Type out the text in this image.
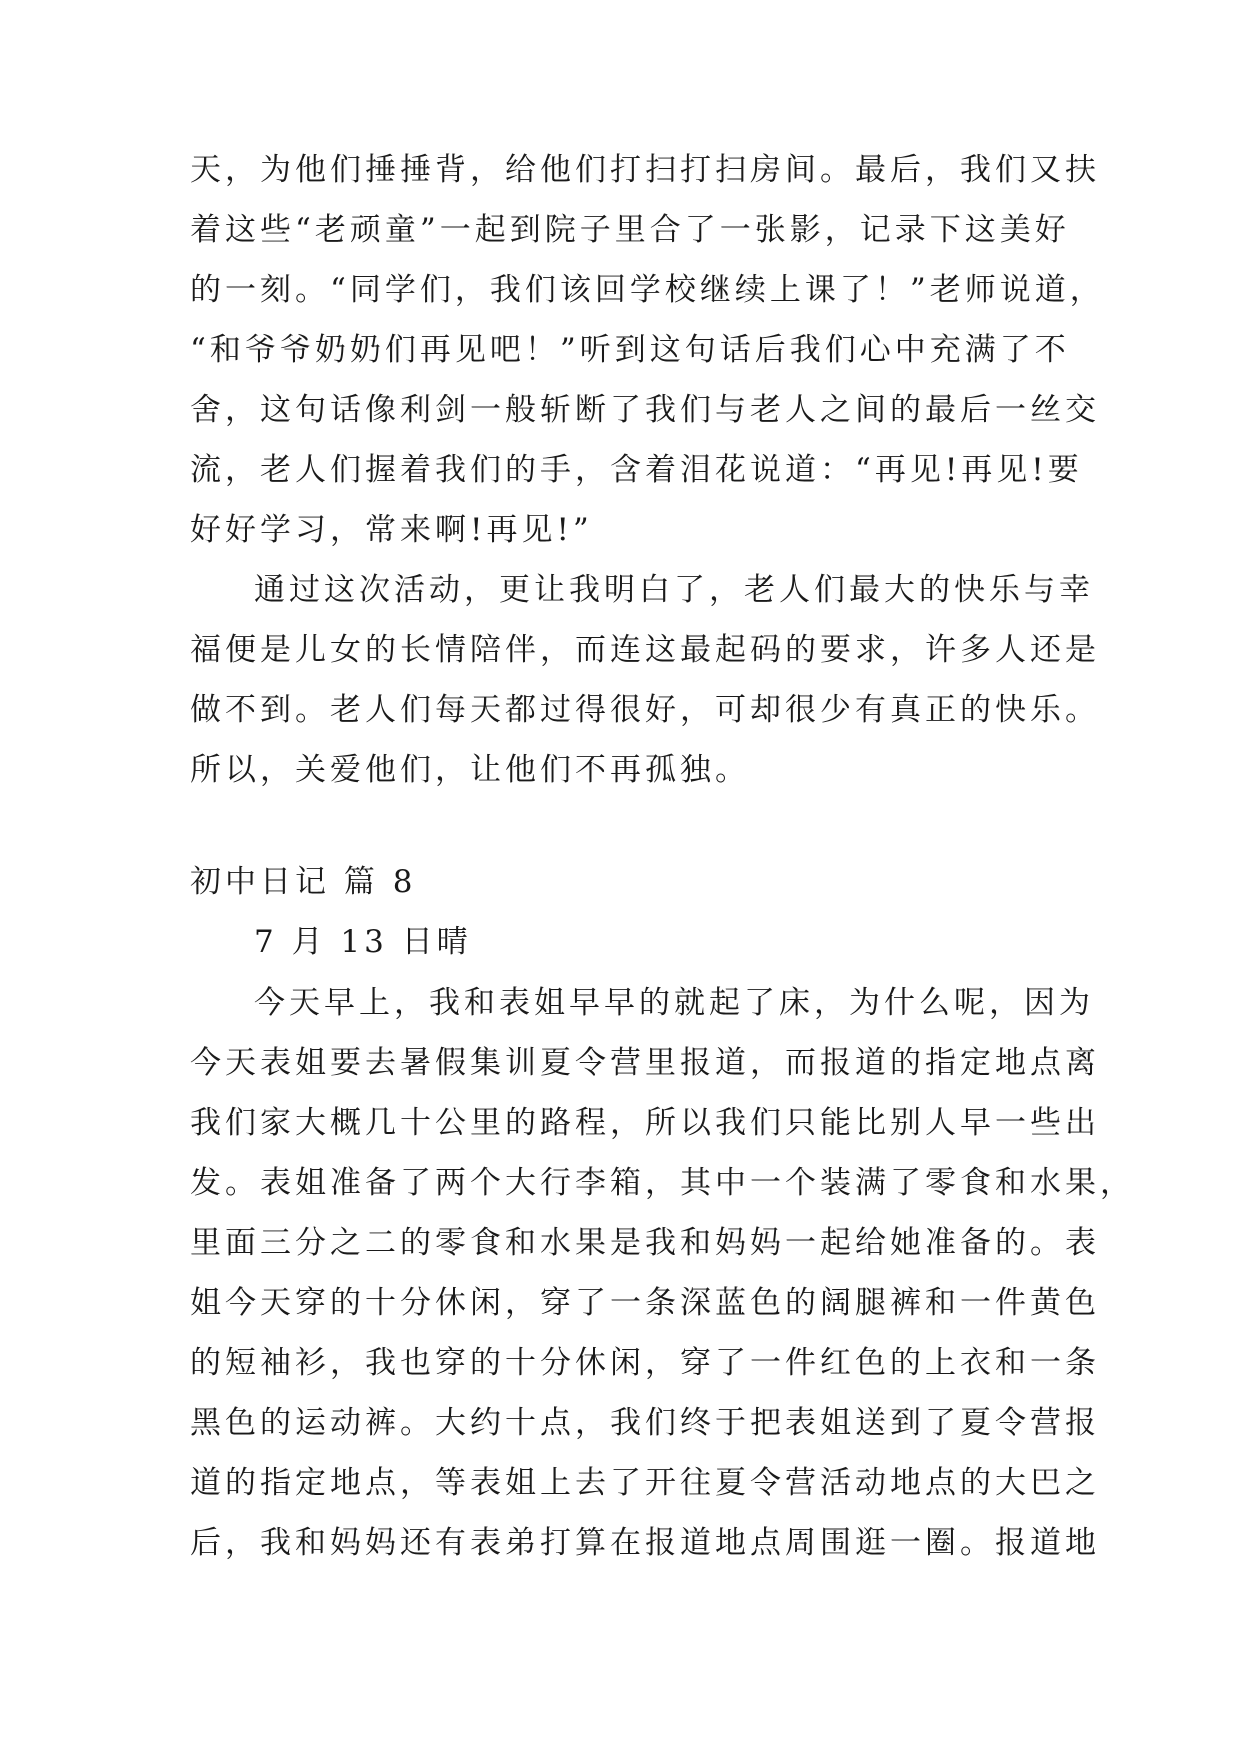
天，为他们捶捶背，给他们打扫打扫房间。最后，我们又扶
着这些“老顽童”一起到院子里合了一张影，记录下这美好
的一刻。“同学们，我们该回学校继续上课了！”老师说道，
“和爷爷奶奶们再见吧！”听到这句话后我们心中充满了不
舍，这句话像利剑一般斩断了我们与老人之间的最后一丝交
流，老人们握着我们的手，含着泪花说道：“再见!再见!要
好好学习，常来啊!再见!”
通过这次活动，更让我明白了，老人们最大的快乐与幸
福便是儿女的长情陪伴，而连这最起码的要求，许多人还是
做不到。老人们每天都过得很好，可却很少有真正的快乐。
所以，关爱他们，让他们不再孤独。
初中日记 篇 8
7 月 13 日晴
今天早上，我和表姐早早的就起了床，为什么呢，因为
今天表姐要去暑假集训夏令营里报道，而报道的指定地点离
我们家大概几十公里的路程，所以我们只能比别人早一些出
发。表姐准备了两个大行李箱，其中一个装满了零食和水果，
里面三分之二的零食和水果是我和妈妈一起给她准备的。表
姐今天穿的十分休闲，穿了一条深蓝色的阔腿裤和一件黄色
的短袖衫，我也穿的十分休闲，穿了一件红色的上衣和一条
黑色的运动裤。大约十点，我们终于把表姐送到了夏令营报
道的指定地点，等表姐上去了开往夏令营活动地点的大巴之
后，我和妈妈还有表弟打算在报道地点周围逛一圈。报道地
